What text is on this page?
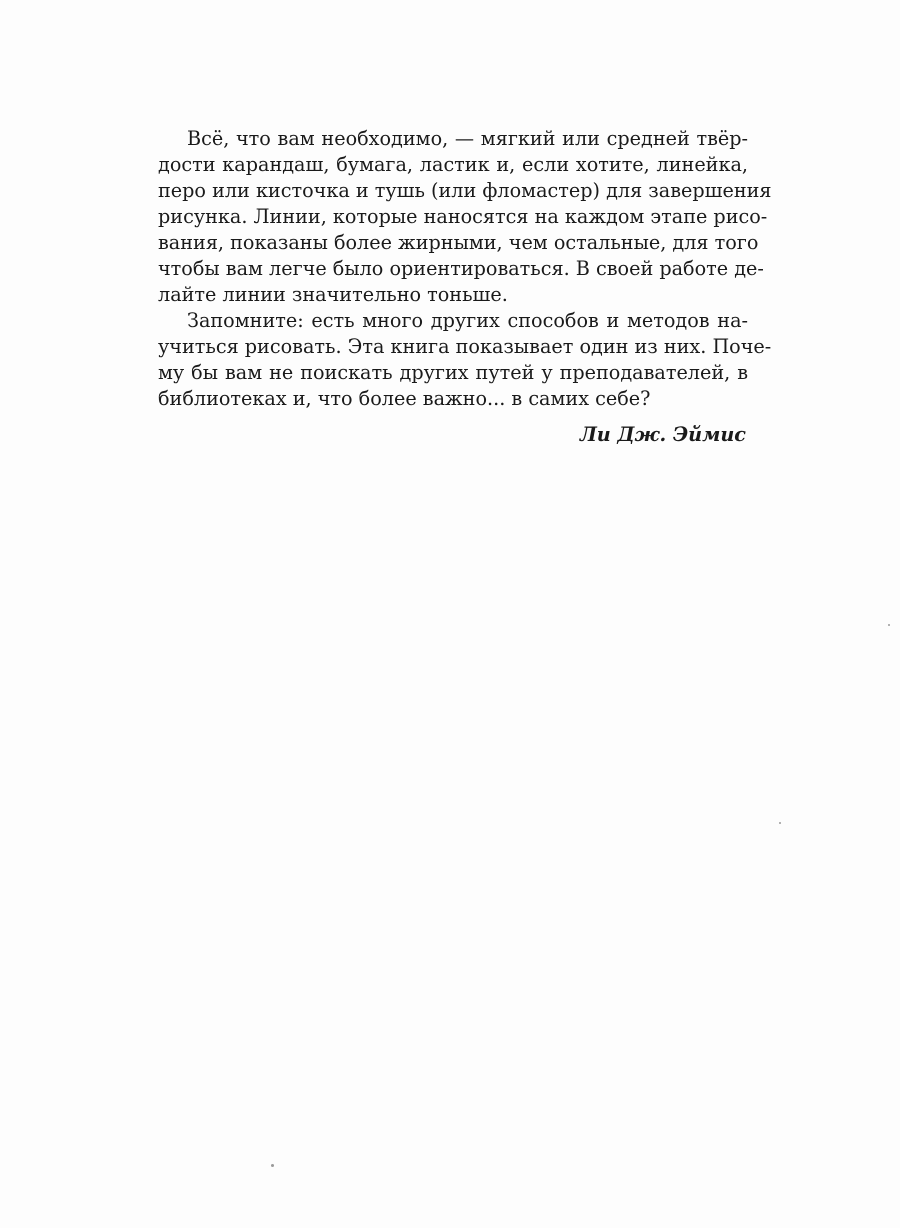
Всё, что вам необходимо, — мягкий или средней твёр-
дости карандаш, бумага, ластик и, если хотите, линейка,
перо или кисточка и тушь (или фломастер) для завершения
рисунка. Линии, которые наносятся на каждом этапе рисо-
вания, показаны более жирными, чем остальные, для того
чтобы вам легче было ориентироваться. В своей работе де-
лайте линии значительно тоньше.
Запомните: есть много других способов и методов на-
учиться рисовать. Эта книга показывает один из них. Поче-
му бы вам не поискать других путей у преподавателей, в
библиотеках и, что более важно... в самих себе?
Ли Дж. Эймис
